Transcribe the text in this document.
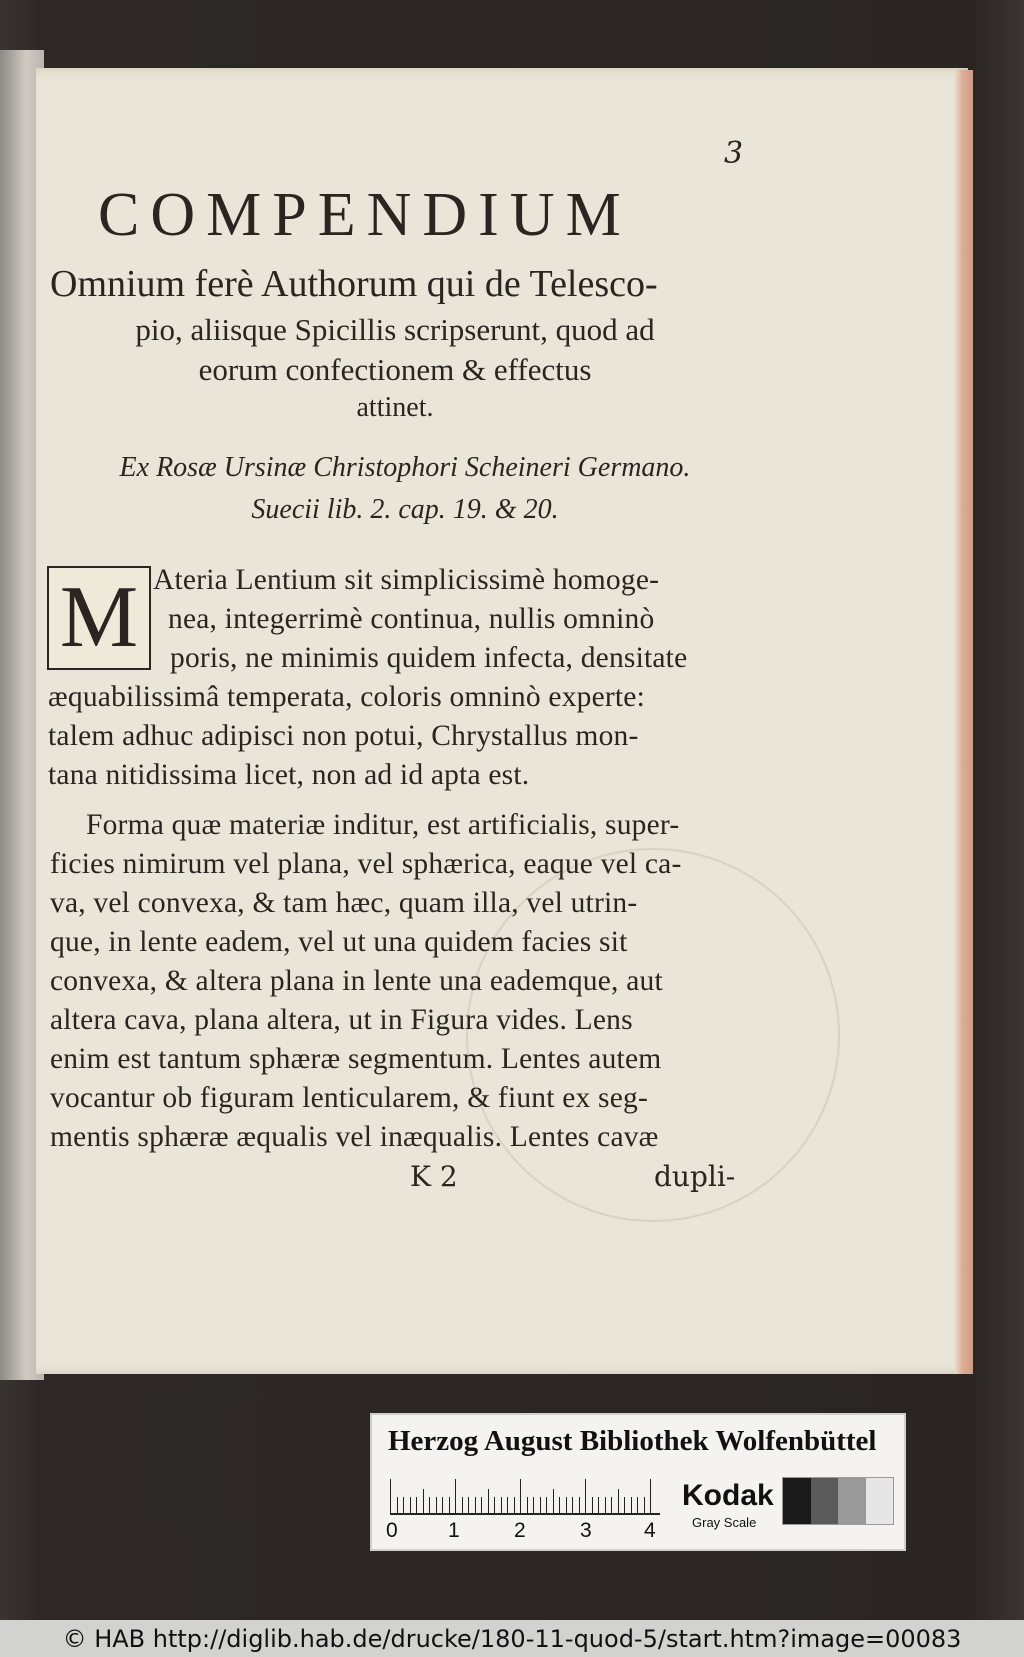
3
COMPENDIUM
Omnium ferè Authorum qui de Telesco-
pio, aliisque Spicillis scripserunt, quod ad
eorum confectionem & effectus
attinet.
Ex Rosæ Ursinæ Christophori Scheineri Germano.
Suecii lib. 2. cap. 19. & 20.
M Ateria Lentium sit simplicissimè homoge-
nea, integerrimè continua, nullis omninò
poris, ne minimis quidem infecta, densitate
æquabilissimâ temperata, coloris omninò experte:
talem adhuc adipisci non potui, Chrystallus mon-
tana nitidissima licet, non ad id apta est.
Forma quæ materiæ inditur, est artificialis, super-
ficies nimirum vel plana, vel sphærica, eaque vel ca-
va, vel convexa, & tam hæc, quam illa, vel utrin-
que, in lente eadem, vel ut una quidem facies sit
convexa, & altera plana in lente una eademque, aut
altera cava, plana altera, ut in Figura vides. Lens
enim est tantum sphæræ segmentum. Lentes autem
vocantur ob figuram lenticularem, & fiunt ex seg-
mentis sphæræ æqualis vel inæqualis. Lentes cavæ
K 2	dupli-
Herzog August Bibliothek Wolfenbüttel
0 1	2	3 4
Kodak
Gray Scale
© HAB http://diglib.hab.de/drucke/180-11-quod-5/start.htm?image=00083
